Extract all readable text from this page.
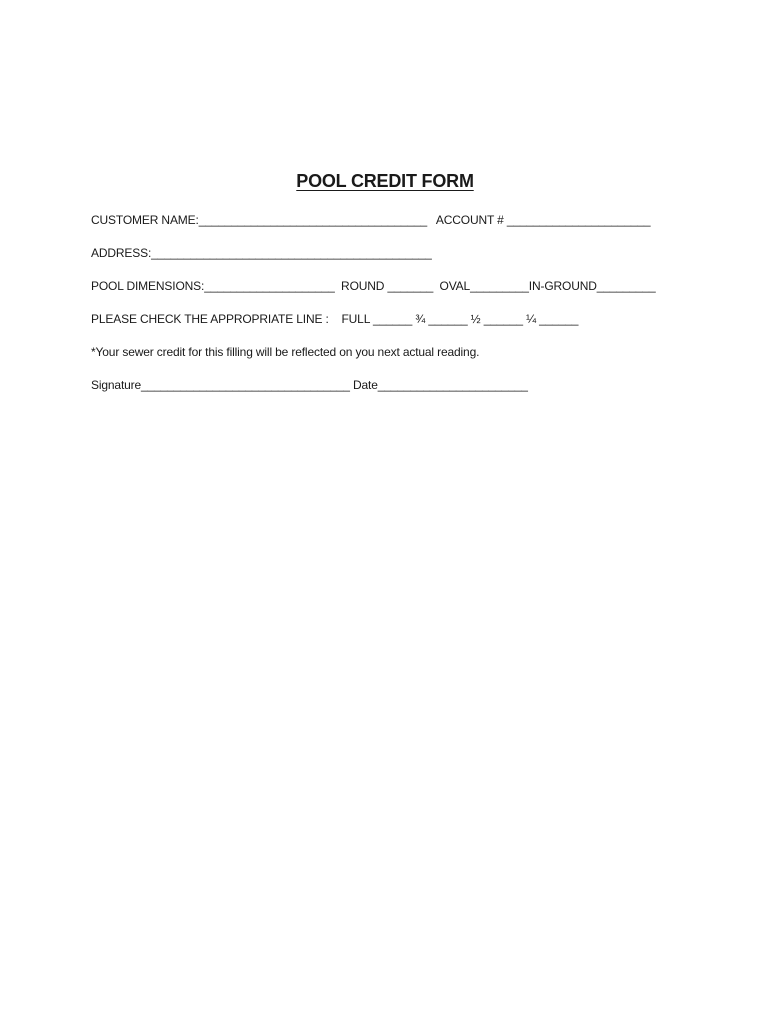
POOL CREDIT FORM
CUSTOMER NAME:___________________________________ ACCOUNT # ______________________
ADDRESS:___________________________________________
POOL DIMENSIONS:____________________ ROUND _______ OVAL_________IN-GROUND_________
PLEASE CHECK THE APPROPRIATE LINE : FULL ______ ¾ ______ ½ ______ ¼ ______
*Your sewer credit for this filling will be reflected on you next actual reading.
Signature________________________________ Date_______________________
